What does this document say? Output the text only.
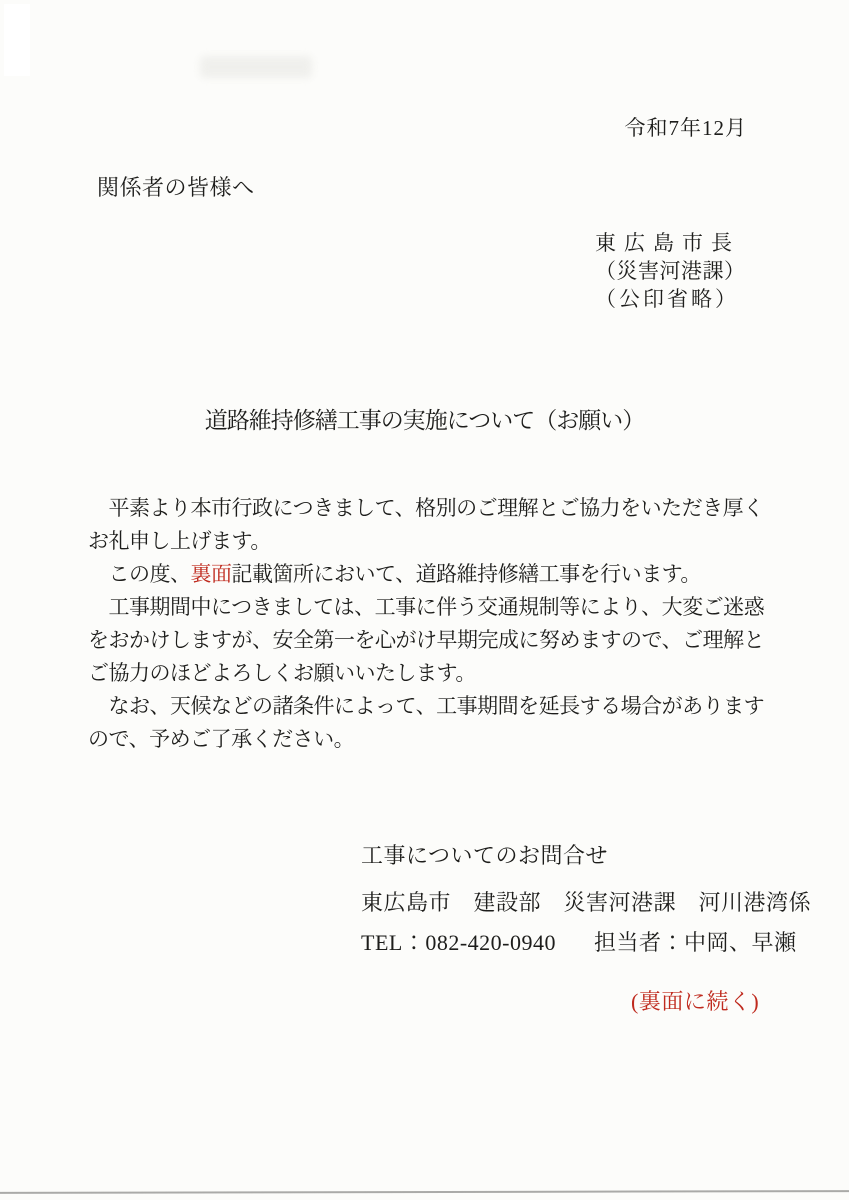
令和7年12月
関係者の皆様へ
東広島市長
（災害河港課）
（公印省略）
道路維持修繕工事の実施について（お願い）
　平素より本市行政につきまして、格別のご理解とご協力をいただき厚く
お礼申し上げます。
　この度、裏面記載箇所において、道路維持修繕工事を行います。
　工事期間中につきましては、工事に伴う交通規制等により、大変ご迷惑
をおかけしますが、安全第一を心がけ早期完成に努めますので、ご理解と
ご協力のほどよろしくお願いいたします。
　なお、天候などの諸条件によって、工事期間を延長する場合があります
ので、予めご了承ください。
工事についてのお問合せ
東広島市　建設部　災害河港課　河川港湾係
TEL：082-420-0940 担当者：中岡、早瀬
(裏面に続く)
